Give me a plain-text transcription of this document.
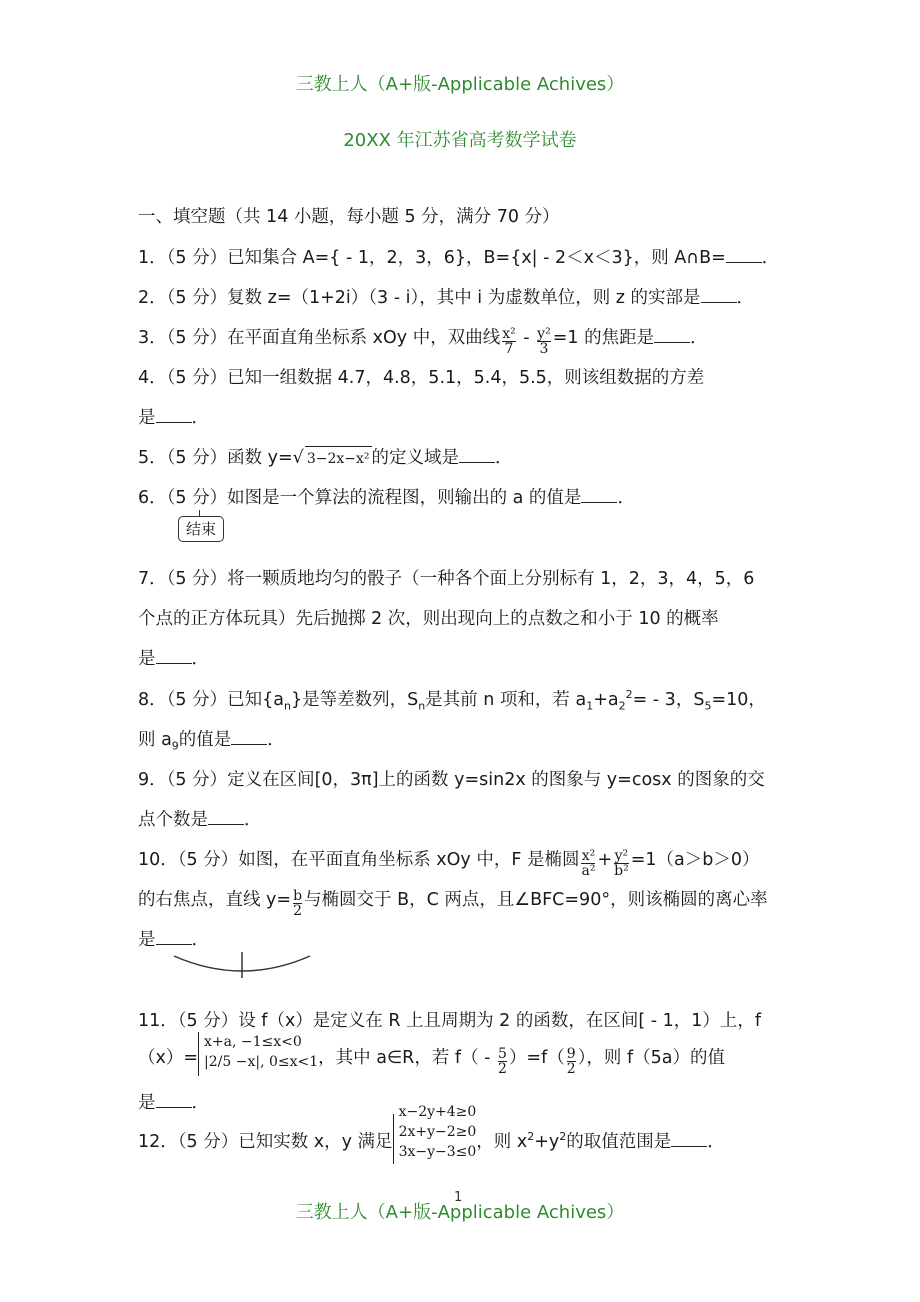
三教上人（A+版-Applicable Achives）
20XX 年江苏省高考数学试卷
一、填空题（共 14 小题，每小题 5 分，满分 70 分）
1．（5 分）已知集合 A={ - 1，2，3，6}，B={x| - 2＜x＜3}，则 A∩B= ．
2．（5 分）复数 z=（1+2i）（3 - i），其中 i 为虚数单位，则 z 的实部是 ．
3．（5 分）在平面直角坐标系 xOy 中，双曲线 $\frac{\text{x²}}{7} - \frac{\text{y²}}{3} =1$ 的焦距是 ．
4．（5 分）已知一组数据 4.7，4.8，5.1，5.4，5.5，则该组数据的方差
是 ．
5．（5 分）函数 y=√ 3−2x−x² 的定义域是 ．
6．（5 分）如图是一个算法的流程图，则输出的 a 的值是 ．
结束
7．（5 分）将一颗质地均匀的骰子（一种各个面上分别标有 1，2，3，4，5，6
个点的正方体玩具）先后抛掷 2 次，则出现向上的点数之和小于 10 的概率
是 ．
8．（5 分）已知$\{a_n\}$是等差数列，$S_n$是其前 n 项和，若 $a_1+a_2^2= - 3$，$S_5=10$，
则 $a_9$的值是 ．
9．（5 分）定义在区间[0，3π]上的函数 y=sin2x 的图象与 y=cosx 的图象的交
点个数是 ．
10．（5 分）如图，在平面直角坐标系 xOy 中，F 是椭圆 $\frac{\text{x²}}{\text{a²}} + \frac{\text{y²}}{\text{b²}} =1(a>b>0)$
的右焦点，直线 $y= \frac{b}{2}$ 与椭圆交于 B，C 两点，且∠BFC=90°，则该椭圆的离心率
是 ．
11．（5 分）设 f（x）是定义在 R 上且周期为 2 的函数，在区间[ - 1，1）上，f
（x）=
x+a, −1≤x<0
|2/5 −x|, 0≤x<1 ，其中 a∈R，若 $f( - \frac{5}{2} )=f( \frac{9}{2}$ ），则 f（5a）的值
是 ．
12．（5 分）已知实数 x，y 满足
x−2y+4≥0
2x+y−2≥0
3x−y−3≤0 ，则 $x^2+y^2$的取值范围是 ．
1
三教上人（A+版-Applicable Achives）
